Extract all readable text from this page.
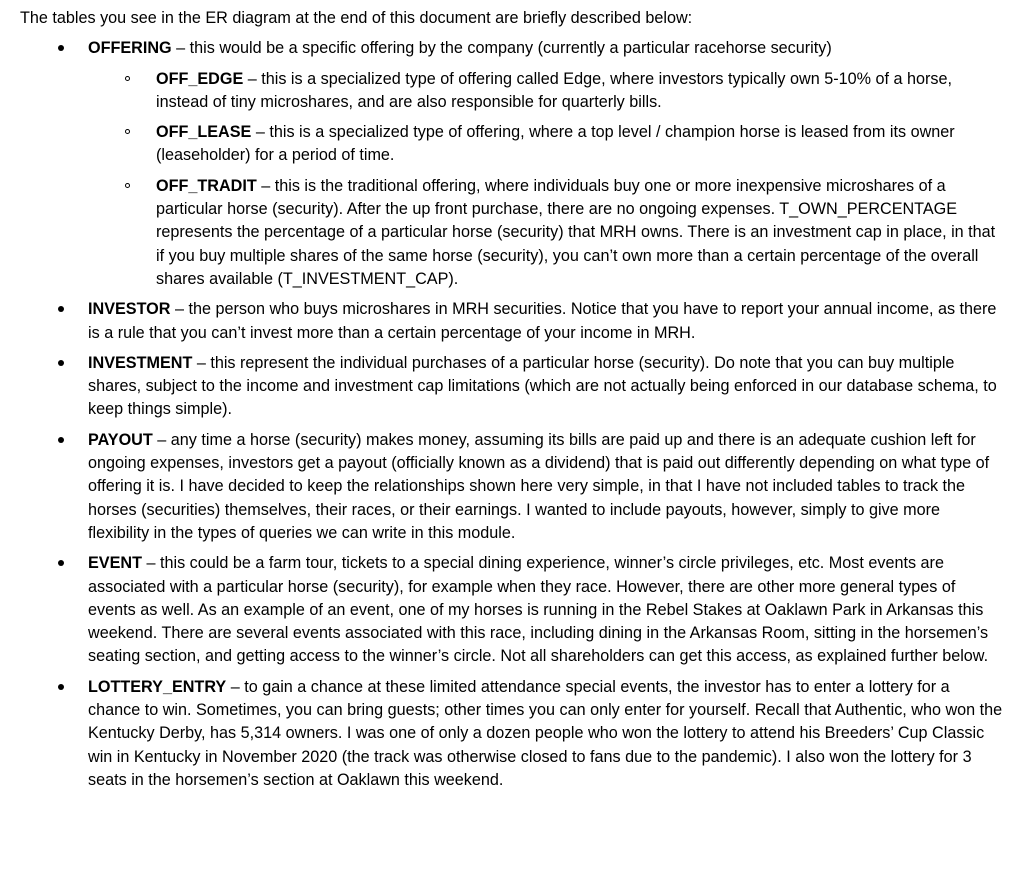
The tables you see in the ER diagram at the end of this document are briefly described below:

OFFERING – this would be a specific offering by the company (currently a particular racehorse security)
OFF_EDGE – this is a specialized type of offering called Edge, where investors typically own 5-10% of a horse, instead of tiny microshares, and are also responsible for quarterly bills.
OFF_LEASE – this is a specialized type of offering, where a top level / champion horse is leased from its owner (leaseholder) for a period of time.
OFF_TRADIT – this is the traditional offering, where individuals buy one or more inexpensive microshares of a particular horse (security). After the up front purchase, there are no ongoing expenses. T_OWN_PERCENTAGE represents the percentage of a particular horse (security) that MRH owns. There is an investment cap in place, in that if you buy multiple shares of the same horse (security), you can’t own more than a certain percentage of the overall shares available (T_INVESTMENT_CAP).
INVESTOR – the person who buys microshares in MRH securities. Notice that you have to report your annual income, as there is a rule that you can’t invest more than a certain percentage of your income in MRH.
INVESTMENT – this represent the individual purchases of a particular horse (security). Do note that you can buy multiple shares, subject to the income and investment cap limitations (which are not actually being enforced in our database schema, to keep things simple).
PAYOUT – any time a horse (security) makes money, assuming its bills are paid up and there is an adequate cushion left for ongoing expenses, investors get a payout (officially known as a dividend) that is paid out differently depending on what type of offering it is. I have decided to keep the relationships shown here very simple, in that I have not included tables to track the horses (securities) themselves, their races, or their earnings. I wanted to include payouts, however, simply to give more flexibility in the types of queries we can write in this module.
EVENT – this could be a farm tour, tickets to a special dining experience, winner’s circle privileges, etc. Most events are associated with a particular horse (security), for example when they race. However, there are other more general types of events as well. As an example of an event, one of my horses is running in the Rebel Stakes at Oaklawn Park in Arkansas this weekend. There are several events associated with this race, including dining in the Arkansas Room, sitting in the horsemen’s seating section, and getting access to the winner’s circle. Not all shareholders can get this access, as explained further below.
LOTTERY_ENTRY – to gain a chance at these limited attendance special events, the investor has to enter a lottery for a chance to win. Sometimes, you can bring guests; other times you can only enter for yourself. Recall that Authentic, who won the Kentucky Derby, has 5,314 owners. I was one of only a dozen people who won the lottery to attend his Breeders’ Cup Classic win in Kentucky in November 2020 (the track was otherwise closed to fans due to the pandemic). I also won the lottery for 3 seats in the horsemen’s section at Oaklawn this weekend.
